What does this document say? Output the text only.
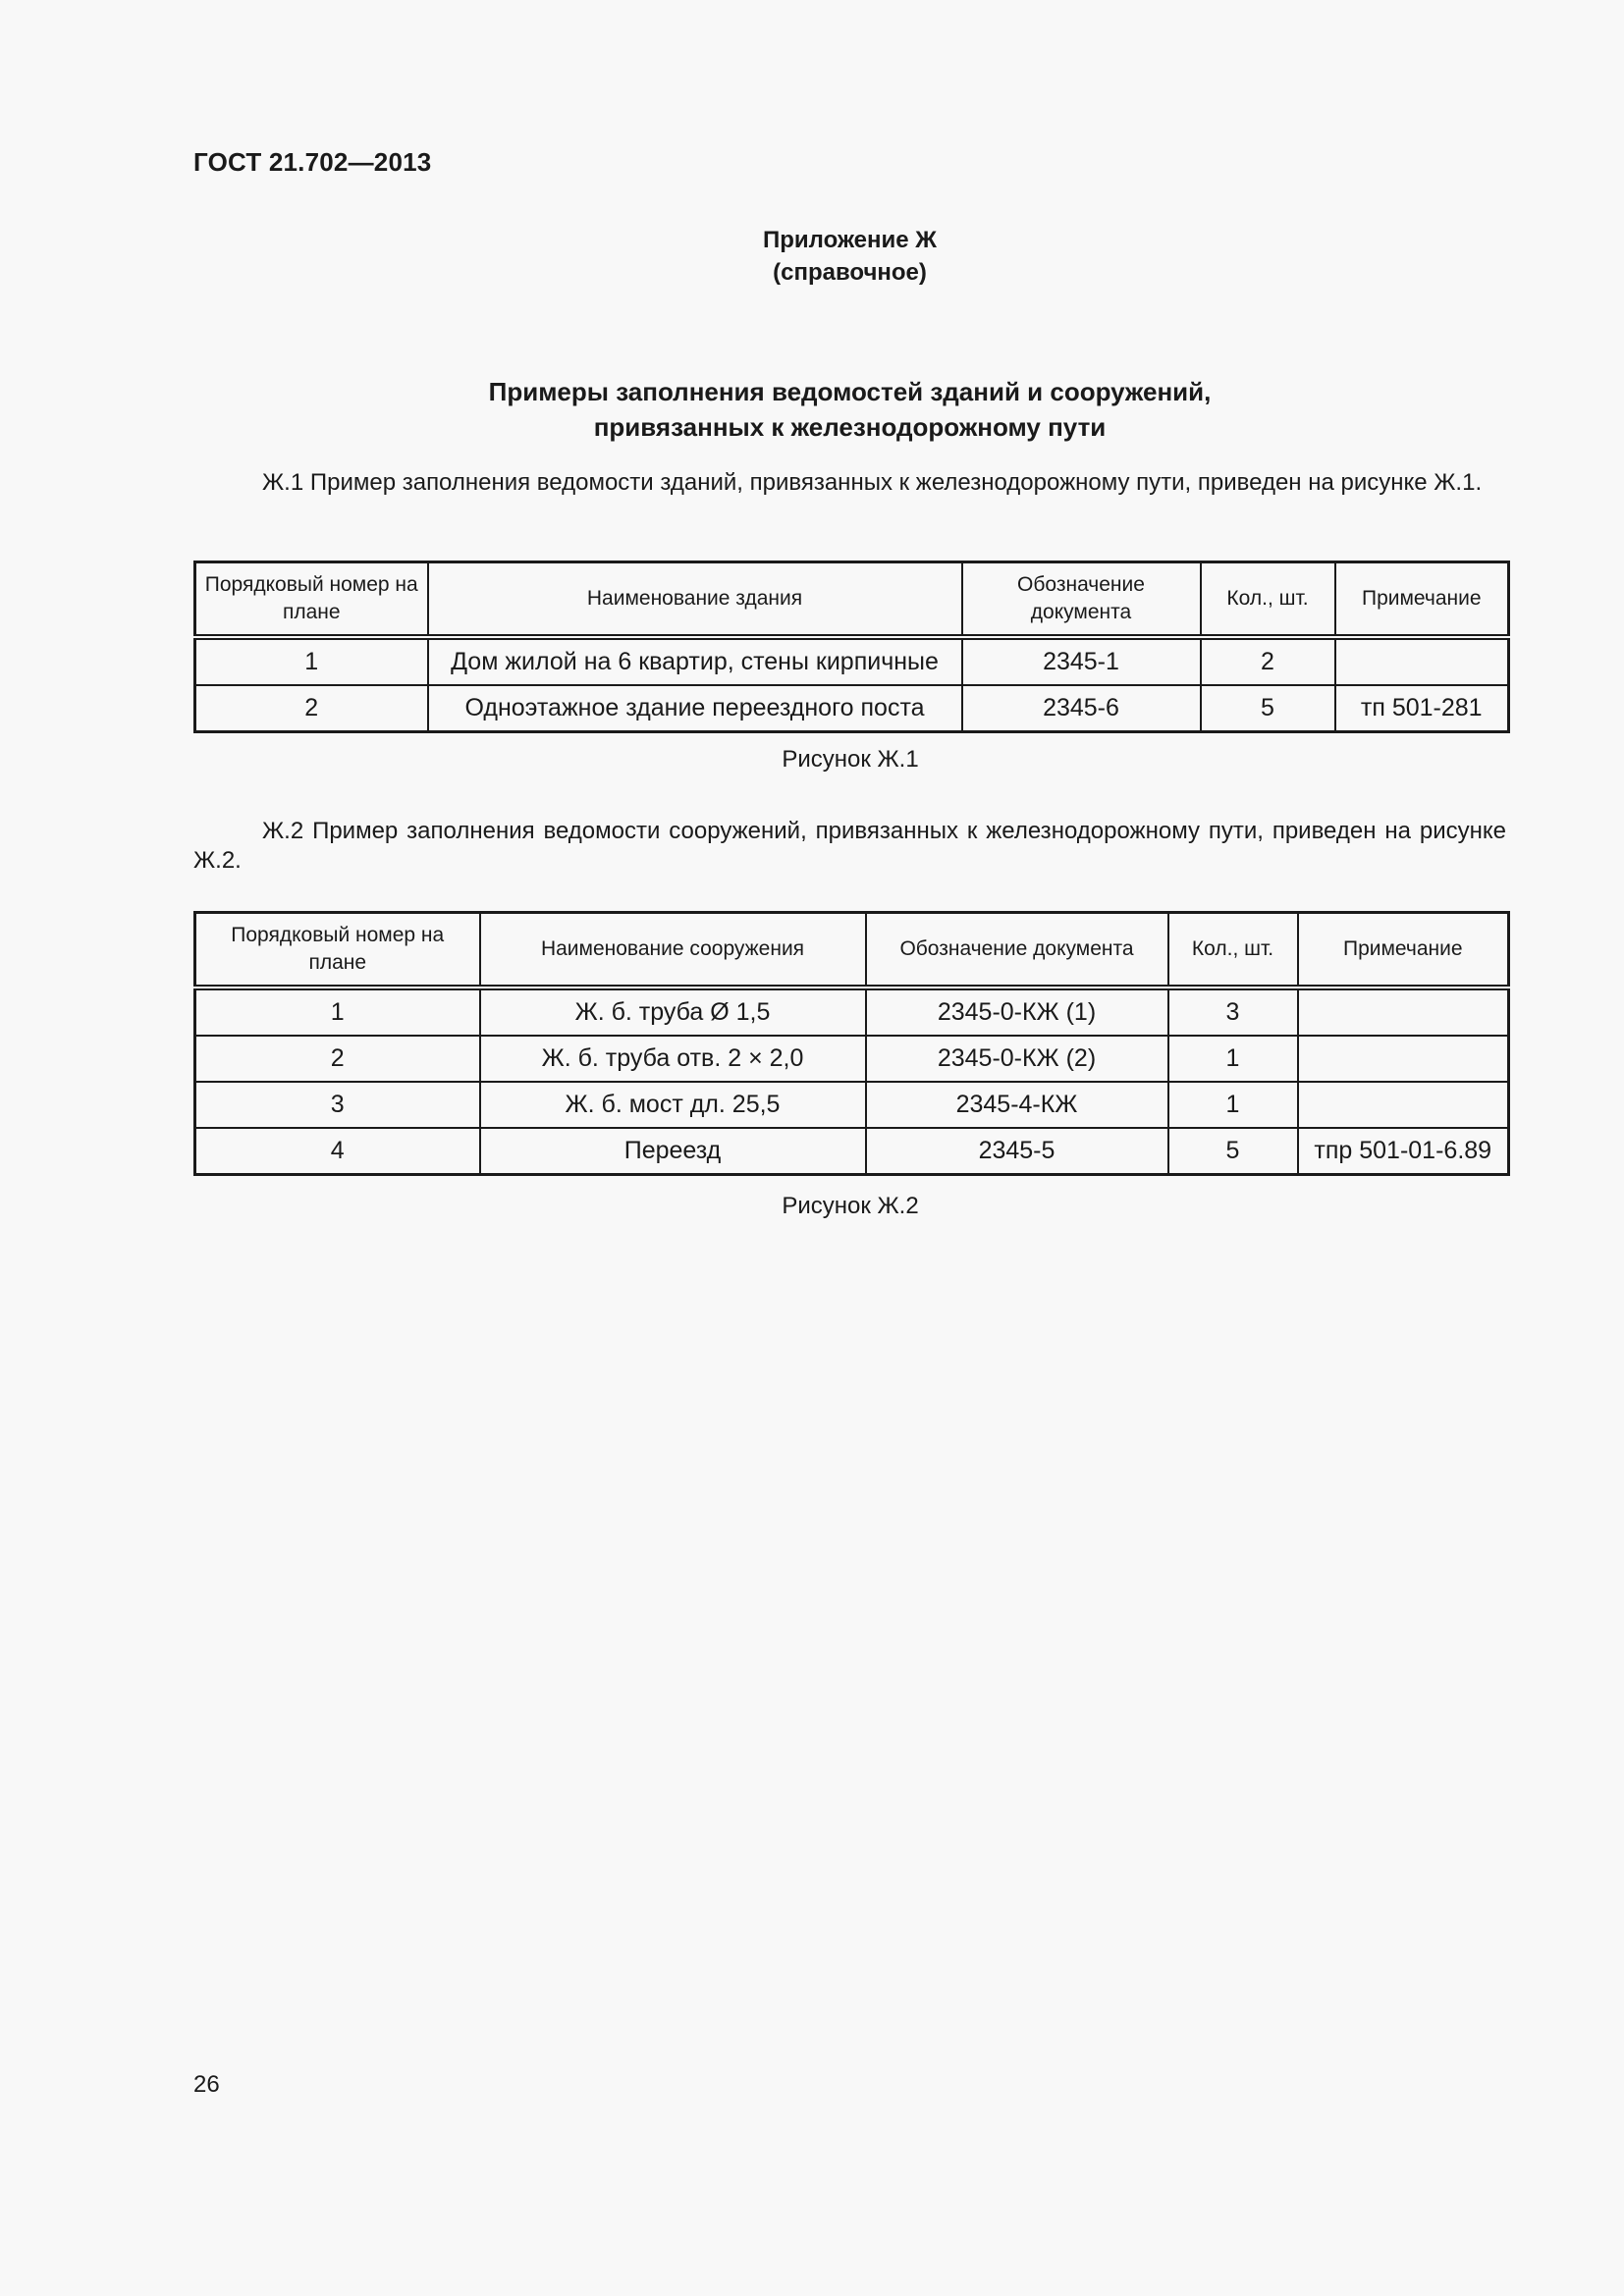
ГОСТ 21.702—2013
Приложение Ж
(справочное)
Примеры заполнения ведомостей зданий и сооружений,
привязанных к железнодорожному пути

Ж.1 Пример заполнения ведомости зданий, привязанных к железнодорожному пути, приведен на рисунке Ж.1.

Порядковый номер на плане	Наименование здания	Обозначение документа	Кол., шт.	Примечание
1	Дом жилой на 6 квартир, стены кирпичные	2345-1	2	
2	Одноэтажное здание переездного поста	2345-6	5	тп 501-281
Рисунок Ж.1

Ж.2 Пример заполнения ведомости сооружений, привязанных к железнодорожному пути, приведен на рисунке Ж.2.

Порядковый номер на плане	Наименование сооружения	Обозначение документа	Кол., шт.	Примечание
1	Ж. б. труба Ø 1,5	2345-0-КЖ (1)	3	
2	Ж. б. труба отв. 2 × 2,0	2345-0-КЖ (2)	1	
3	Ж. б. мост дл. 25,5	2345-4-КЖ	1	
4	Переезд	2345-5	5	тпр 501-01-6.89
Рисунок Ж.2
26
